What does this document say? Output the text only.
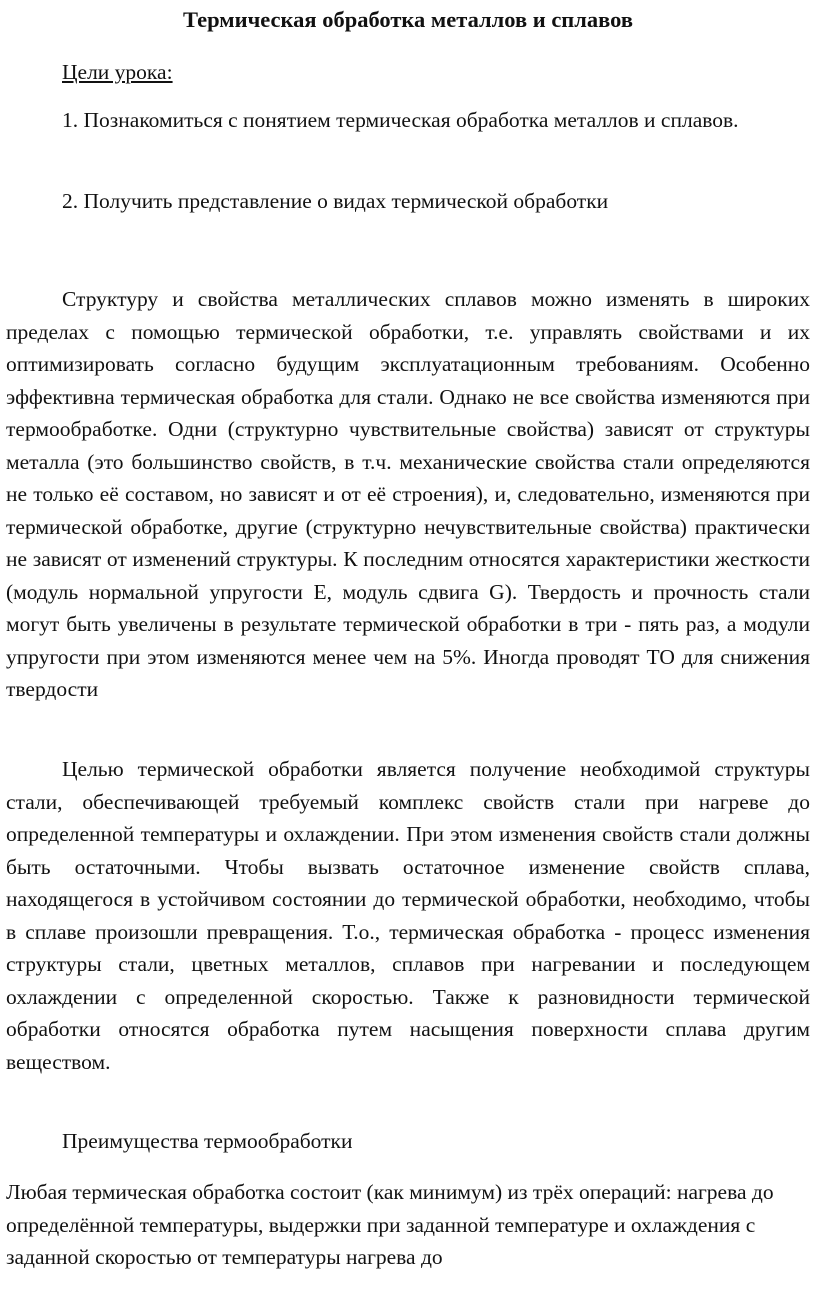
Термическая обработка металлов и сплавов

Цели урока:

1. Познакомиться с понятием термическая обработка металлов и сплавов.

2. Получить представление о видах термической обработки

Структуру и свойства металлических сплавов можно изменять в широких пределах с помощью термической обработки, т.е. управлять свойствами и их оптимизировать согласно будущим эксплуатационным требованиям. Особенно эффективна термическая обработка для стали. Однако не все свойства изменяются при термообработке. Одни (структурно чувствительные свойства) зависят от структуры металла (это большинство свойств, в т.ч. механические свойства стали определяются не только её составом, но зависят и от её строения), и, следовательно, изменяются при термической обработке, другие (структурно нечувствительные свойства) практически не зависят от изменений структуры. К последним относятся характеристики жесткости (модуль нормальной упругости Е, модуль сдвига G). Твердость и прочность стали могут быть увеличены в результате термической обработки в три - пять раз, а модули упругости при этом изменяются менее чем на 5%. Иногда проводят ТО для снижения твердости

Целью термической обработки является получение необходимой структуры стали, обеспечивающей требуемый комплекс свойств стали при нагреве до определенной температуры и охлаждении. При этом изменения свойств стали должны быть остаточными. Чтобы вызвать остаточное изменение свойств сплава, находящегося в устойчивом состоянии до термической обработки, необходимо, чтобы в сплаве произошли превращения. Т.о., термическая обработка - процесс изменения структуры стали, цветных металлов, сплавов при нагревании и последующем охлаждении с определенной скоростью. Также к разновидности термической обработки относятся обработка путем насыщения поверхности сплава другим веществом.

Преимущества термообработки

Любая термическая обработка состоит (как минимум) из трёх операций: нагрева до определённой температуры, выдержки при заданной температуре и охлаждения с заданной скоростью от температуры нагрева до
